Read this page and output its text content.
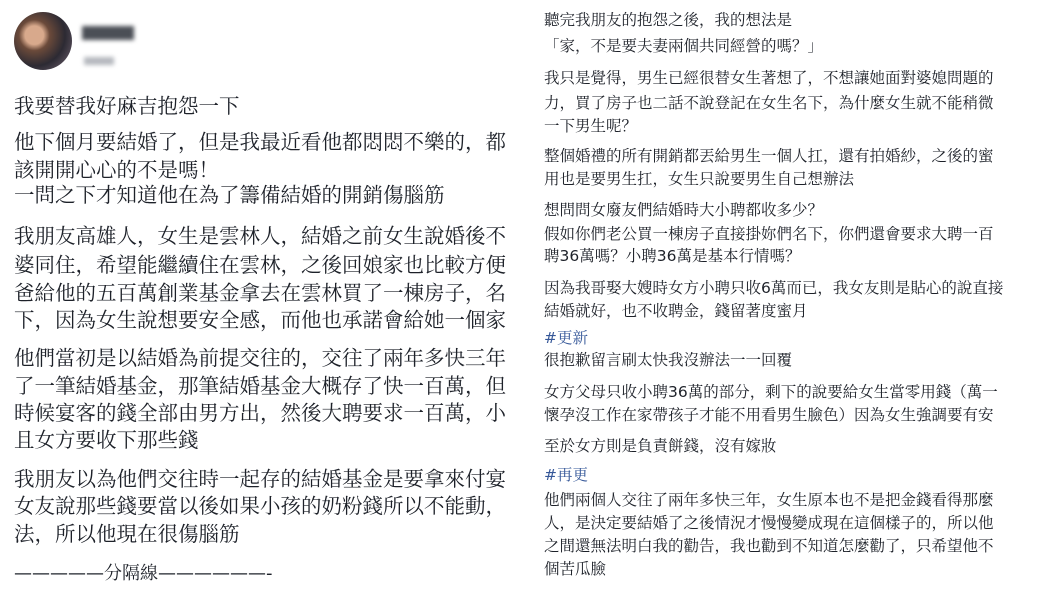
我要替我好麻吉抱怨一下
他下個月要結婚了，但是我最近看他都悶悶不樂的，都
該開開心心的不是嗎！
一問之下才知道他在為了籌備結婚的開銷傷腦筋
我朋友高雄人，女生是雲林人，結婚之前女生說婚後不
婆同住，希望能繼續住在雲林，之後回娘家也比較方便
爸給他的五百萬創業基金拿去在雲林買了一棟房子，名
下，因為女生說想要安全感，而他也承諾會給她一個家
他們當初是以結婚為前提交往的，交往了兩年多快三年
了一筆結婚基金，那筆結婚基金大概存了快一百萬，但
時候宴客的錢全部由男方出，然後大聘要求一百萬，小
且女方要收下那些錢
我朋友以為他們交往時一起存的結婚基金是要拿來付宴
女友說那些錢要當以後如果小孩的奶粉錢所以不能動，
法，所以他現在很傷腦筋
—————分隔線——————-
聽完我朋友的抱怨之後，我的想法是
「家，不是要夫妻兩個共同經營的嗎？」
我只是覺得，男生已經很替女生著想了，不想讓她面對婆媳問題的
力，買了房子也二話不說登記在女生名下，為什麼女生就不能稍微
一下男生呢？
整個婚禮的所有開銷都丟給男生一個人扛，還有拍婚紗，之後的蜜
用也是要男生扛，女生只說要男生自己想辦法
想問問女廢友們結婚時大小聘都收多少？
假如你們老公買一棟房子直接掛妳們名下，你們還會要求大聘一百
聘36萬嗎？小聘36萬是基本行情嗎？
因為我哥娶大嫂時女方小聘只收6萬而已，我女友則是貼心的說直接
結婚就好，也不收聘金，錢留著度蜜月
#更新
很抱歉留言刷太快我沒辦法一一回覆
女方父母只收小聘36萬的部分，剩下的說要給女生當零用錢（萬一
懷孕沒工作在家帶孩子才能不用看男生臉色）因為女生強調要有安
至於女方則是負責餅錢，沒有嫁妝
#再更
他們兩個人交往了兩年多快三年，女生原本也不是把金錢看得那麼
人，是決定要結婚了之後情況才慢慢變成現在這個樣子的，所以他
之間還無法明白我的勸告，我也勸到不知道怎麼勸了，只希望他不
個苦瓜臉
